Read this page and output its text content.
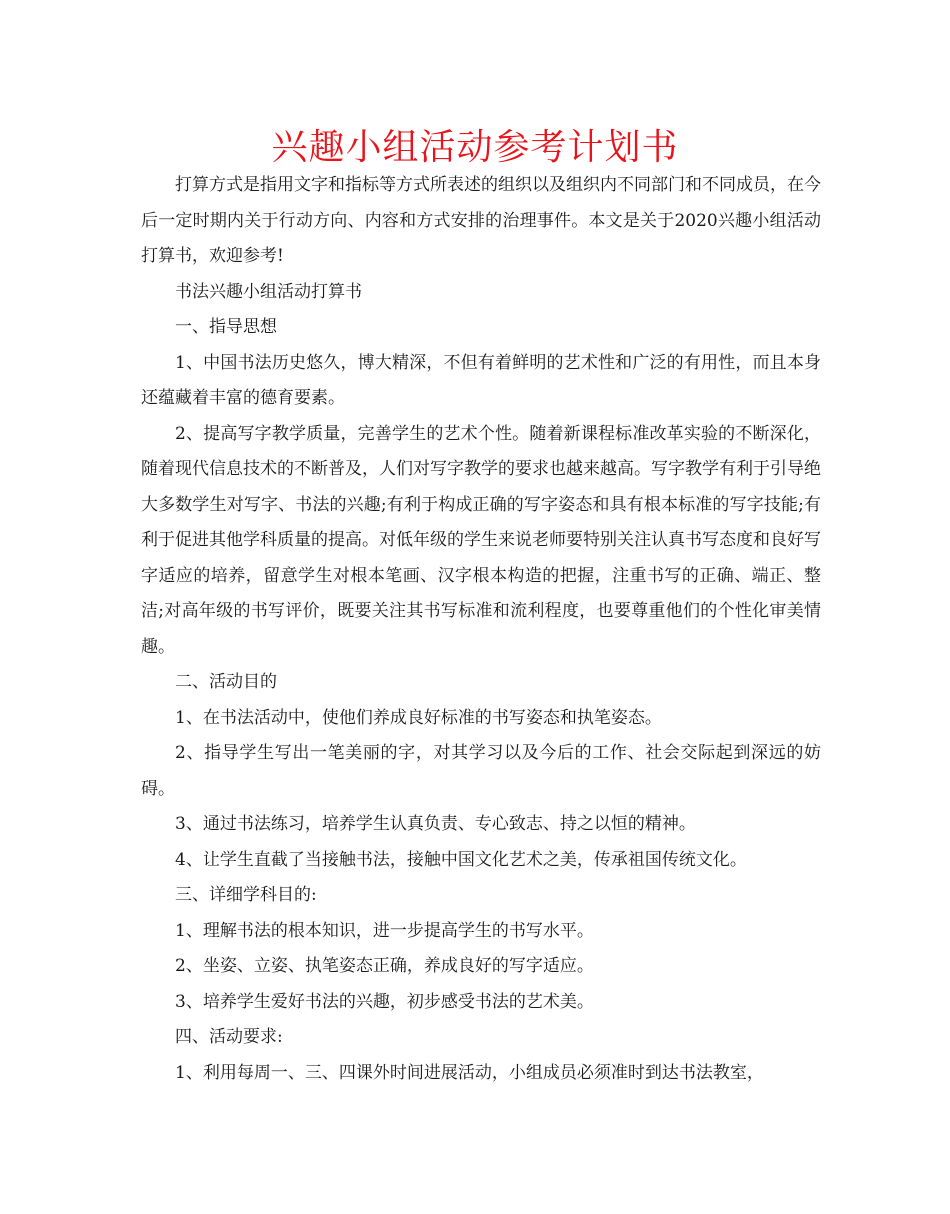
兴趣小组活动参考计划书

打算方式是指用文字和指标等方式所表述的组织以及组织内不同部门和不同成员，在今后一定时期内关于行动方向、内容和方式安排的治理事件。本文是关于2020兴趣小组活动打算书，欢迎参考!

书法兴趣小组活动打算书

一、指导思想

1、中国书法历史悠久，博大精深，不但有着鲜明的艺术性和广泛的有用性，而且本身还蕴藏着丰富的德育要素。

2、提高写字教学质量，完善学生的艺术个性。随着新课程标准改革实验的不断深化，随着现代信息技术的不断普及，人们对写字教学的要求也越来越高。写字教学有利于引导绝大多数学生对写字、书法的兴趣;有利于构成正确的写字姿态和具有根本标准的写字技能;有利于促进其他学科质量的提高。对低年级的学生来说老师要特别关注认真书写态度和良好写字适应的培养，留意学生对根本笔画、汉字根本构造的把握，注重书写的正确、端正、整洁;对高年级的书写评价，既要关注其书写标准和流利程度，也要尊重他们的个性化审美情趣。

二、活动目的

1、在书法活动中，使他们养成良好标准的书写姿态和执笔姿态。

2、指导学生写出一笔美丽的字，对其学习以及今后的工作、社会交际起到深远的妨碍。

3、通过书法练习，培养学生认真负责、专心致志、持之以恒的精神。

4、让学生直截了当接触书法，接触中国文化艺术之美，传承祖国传统文化。

三、详细学科目的:

1、理解书法的根本知识，进一步提高学生的书写水平。

2、坐姿、立姿、执笔姿态正确，养成良好的写字适应。

3、培养学生爱好书法的兴趣，初步感受书法的艺术美。

四、活动要求:

1、利用每周一、三、四课外时间进展活动，小组成员必须准时到达书法教室，
